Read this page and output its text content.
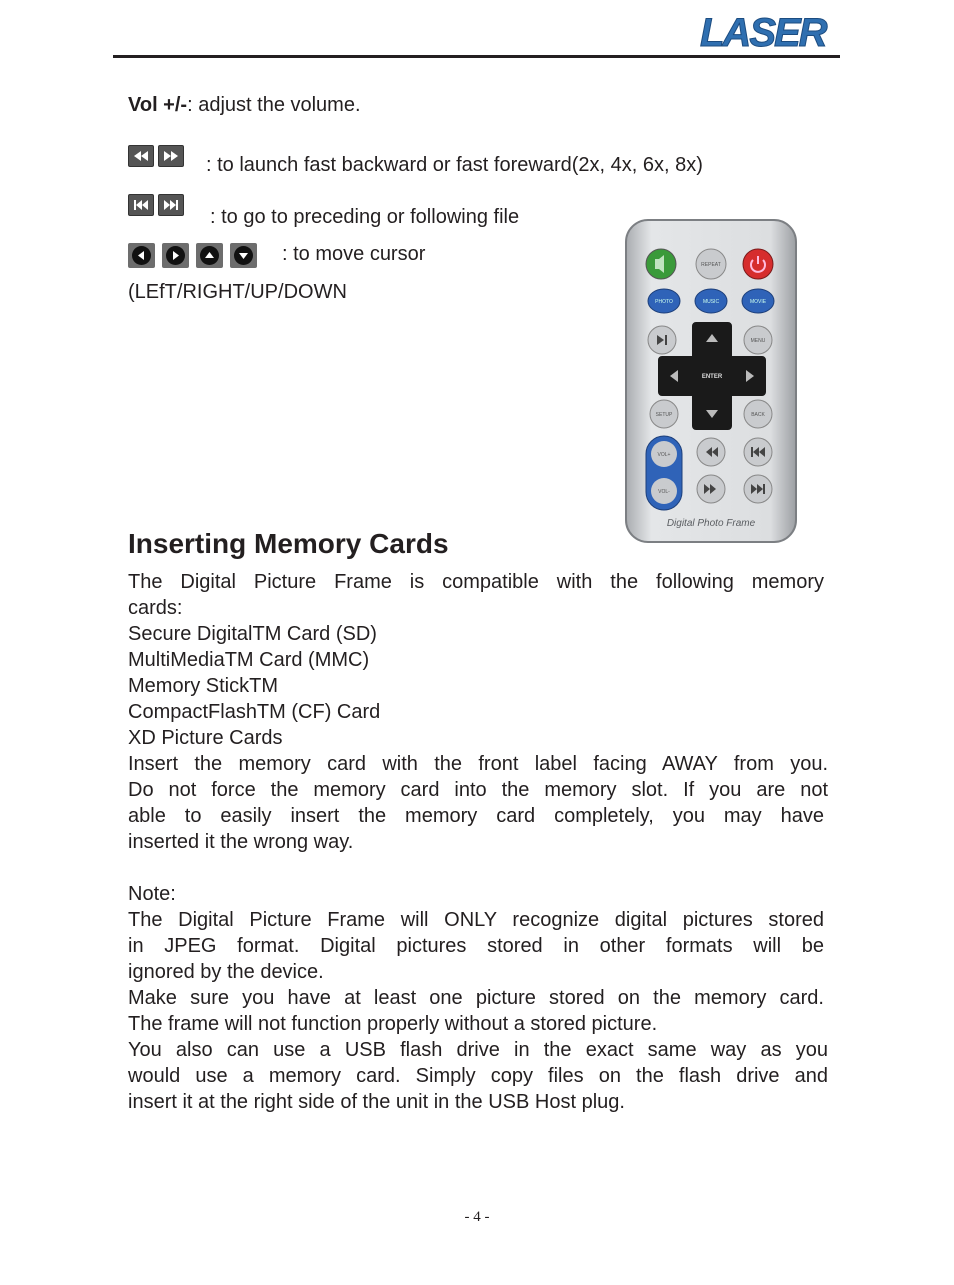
LASER
Vol +/-: adjust the volume.
: to launch fast backward or fast foreward(2x, 4x, 6x, 8x)
: to go to preceding or following file
: to move cursor
(LEfT/RIGHT/UP/DOWN
REPEAT
PHOTO	MUSIC	MOVIE
MENU
ENTER
SETUP	BACK
VOL+
VOL-
Digital Photo Frame
Inserting Memory Cards

The Digital Picture Frame is compatible with the following memory

cards:

Secure DigitalTM Card (SD)

MultiMediaTM Card (MMC)

Memory StickTM

CompactFlashTM (CF) Card

XD Picture Cards

Insert the memory card with the front label facing AWAY from you.

Do not force the memory card into the memory slot. If you are not

able to easily insert the memory card completely, you may have

inserted it the wrong way.

Note:

The Digital Picture Frame will ONLY recognize digital pictures stored

in JPEG format. Digital pictures stored in other formats will be

ignored by the device.

Make sure you have at least one picture stored on the memory card.

The frame will not function properly without a stored picture.

You also can use a USB flash drive in the exact same way as you

would use a memory card. Simply copy files on the flash drive and

insert it at the right side of the unit in the USB Host plug.

- 4 -
